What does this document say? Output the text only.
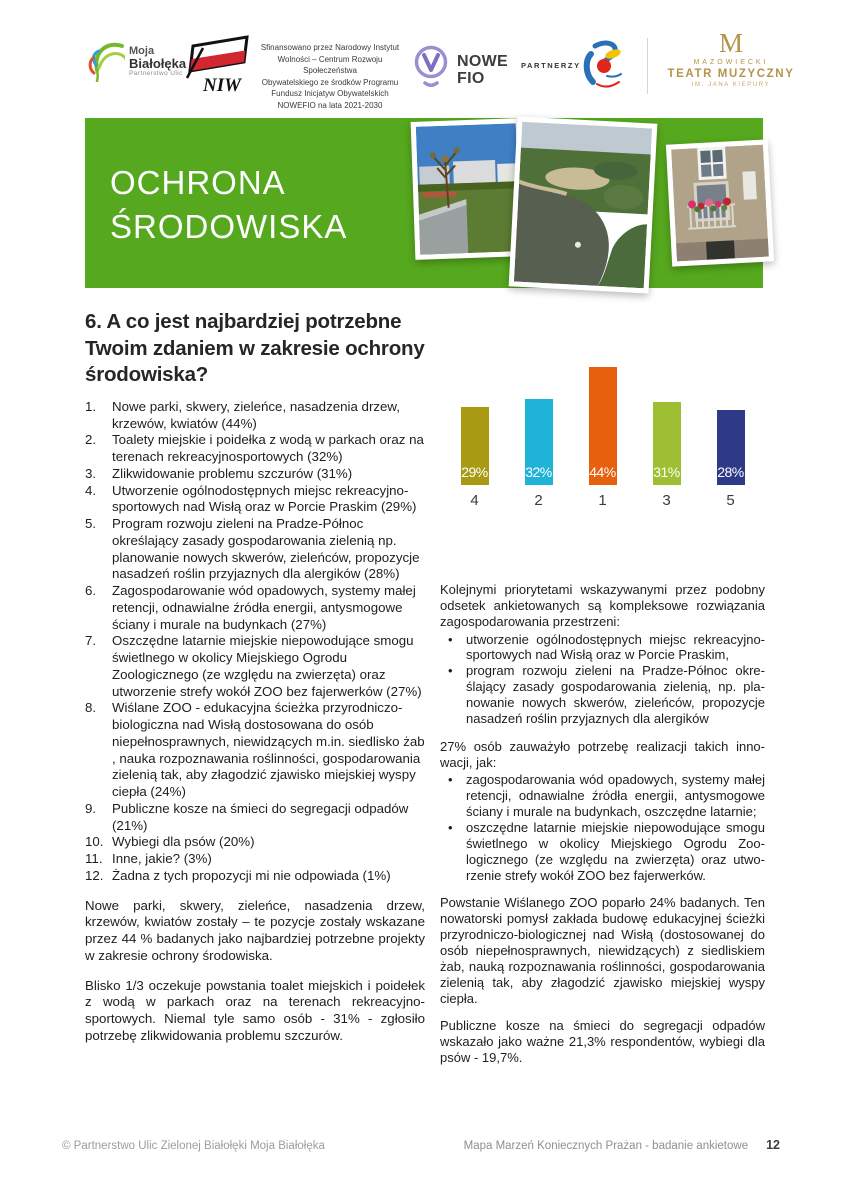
Moja
Białołęka
Partnerstwo Ulic
NIW
Sfinansowano przez Narodowy Instytut
Wolności – Centrum Rozwoju Społeczeństwa
Obywatelskiego ze środków Programu
Fundusz Inicjatyw Obywatelskich
NOWEFIO na lata 2021-2030
NOWE
FIO
PARTNERZY
M
MAZOWIECKI
TEATR MUZYCZNY
IM. JANA KIEPURY
OCHRONA
ŚRODOWISKA
6. A co jest najbardziej potrzebne Twoim zdaniem w zakresie ochrony środowiska?
Nowe parki, skwery, zieleńce, nasadzenia drzew, krzewów, kwiatów (44%)
Toalety miejskie i poidełka z wodą w parkach oraz na terenach rekreacyjnosportowych (32%)
Zlikwidowanie problemu szczurów (31%)
Utworzenie ogólnodostępnych miejsc rekreacyjno-sportowych nad Wisłą oraz w Porcie Praskim (29%)
Program rozwoju zieleni na Pradze-Północ określający zasady gospodarowania zielenią np. planowanie nowych skwerów, zieleńców, propozycje nasadzeń roślin przyjaznych dla alergików (28%)
Zagospodarowanie wód opadowych, systemy małej retencji, odnawialne źródła energii, antysmogowe ściany i murale na budynkach (27%)
Oszczędne latarnie miejskie niepowodujące smogu świetlnego w okolicy Miejskiego Ogrodu Zoologicznego (ze względu na zwierzęta) oraz utworzenie strefy wokół ZOO bez fajerwerków (27%)
Wiślane ZOO - edukacyjna ścieżka przyrodniczo-biologiczna nad Wisłą dostosowana do osób niepełnosprawnych, niewidzących m.in. siedlisko żab , nauka rozpoznawania roślinności, gospodarowania zielenią tak, aby złagodzić zjawisko miejskiej wyspy ciepła (24%)
Publiczne kosze na śmieci do segregacji odpadów (21%)
Wybiegi dla psów (20%)
Inne, jakie? (3%)
Żadna z tych propozycji mi nie odpowiada (1%)

Nowe parki, skwery, zieleńce, nasadzenia drzew, krzewów, kwiatów zostały – te pozycje zostały wskazane przez 44 % badanych jako najbardziej potrzebne projekty w zakresie ochrony środowiska.

Blisko 1/3 oczekuje powstania toalet miejskich i poidełek z wodą w parkach oraz na terenach rekreacyjno-sportowych. Niemal tyle samo osób - 31% - zgłosiło potrzebę zlikwidowania problemu szczurów.

29%
4
32%
2
44%
1
31%
3
28%
5

Kolejnymi priorytetami wskazywanymi przez podobny odsetek ankietowanych są kompleksowe rozwiązania zagospodarowania przestrzeni:

• utworzenie ogólnodostępnych miejsc rekreacyjno-sportowych nad Wisłą oraz w Porcie Praskim,
• program rozwoju zieleni na Pradze-Północ określający zasady gospodarowania zielenią, np. planowanie nowych skwerów, zieleńców, propozycje nasadzeń roślin przyjaznych dla alergików

27% osób zauważyło potrzebę realizacji takich innowacji, jak:

• zagospodarowania wód opadowych, systemy małej retencji, odnawialne źródła energii, antysmogowe ściany i murale na budynkach, oszczędne latarnie;
• oszczędne latarnie miejskie niepowodujące smogu świetlnego w okolicy Miejskiego Ogrodu Zoologicznego (ze względu na zwierzęta) oraz utworzenie strefy wokół ZOO bez fajerwerków.

Powstanie Wiślanego ZOO poparło 24% badanych. Ten nowatorski pomysł zakłada budowę edukacyjnej ścieżki przyrodniczo-biologicznej nad Wisłą (dostosowanej do osób niepełnosprawnych, niewidzących) z siedliskiem żab, nauką rozpoznawania roślinności, gospodarowania zielenią tak, aby złagodzić zjawisko miejskiej wyspy ciepła.

Publiczne kosze na śmieci do segregacji odpadów wskazało jako ważne 21,3% respondentów, wybiegi dla psów - 19,7%.

© Partnerstwo Ulic Zielonej Białołęki Moja Białołęka	Mapa Marzeń Koniecznych Prażan - badanie ankietowe 12
